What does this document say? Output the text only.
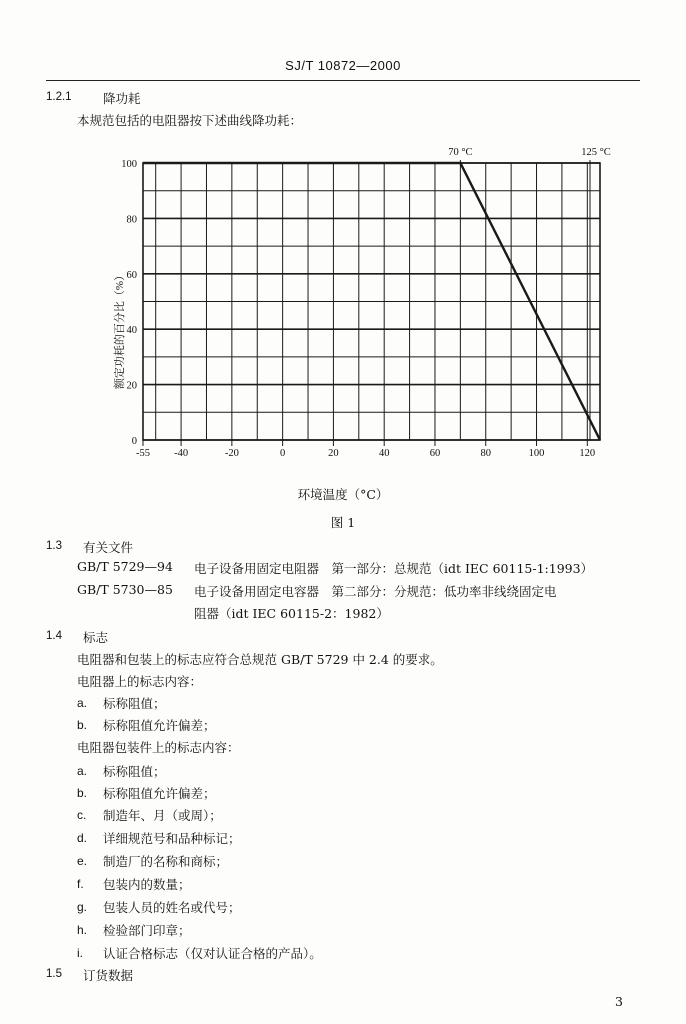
SJ/T 10872—2000
1.2.1	降功耗
本规范包括的电阻器按下述曲线降功耗：
-55 -40	-20	0	20	40	60	80	100	120
0
20
40
60
80
100
70 °C	125 °C
额定功耗的百分比（%）
环境温度（°C）
图 1
1.3 有关文件
GB/T 5729—94 电子设备用固定电阻器　第一部分：总规范（idt IEC 60115-1:1993）
GB/T 5730—85 电子设备用固定电容器　第二部分：分规范：低功率非线绕固定电
阻器（idt IEC 60115-2：1982）
1.4 标志
电阻器和包装上的标志应符合总规范 GB/T 5729 中 2.4 的要求。
电阻器上的标志内容：
a. 标称阻值；
b. 标称阻值允许偏差；
电阻器包装件上的标志内容：
a. 标称阻值；
b. 标称阻值允许偏差；
c. 制造年、月（或周）；
d. 详细规范号和品种标记；
e. 制造厂的名称和商标；
f. 包装内的数量；
g. 包装人员的姓名或代号；
h. 检验部门印章；
i. 认证合格标志（仅对认证合格的产品）。
1.5 订货数据
3
